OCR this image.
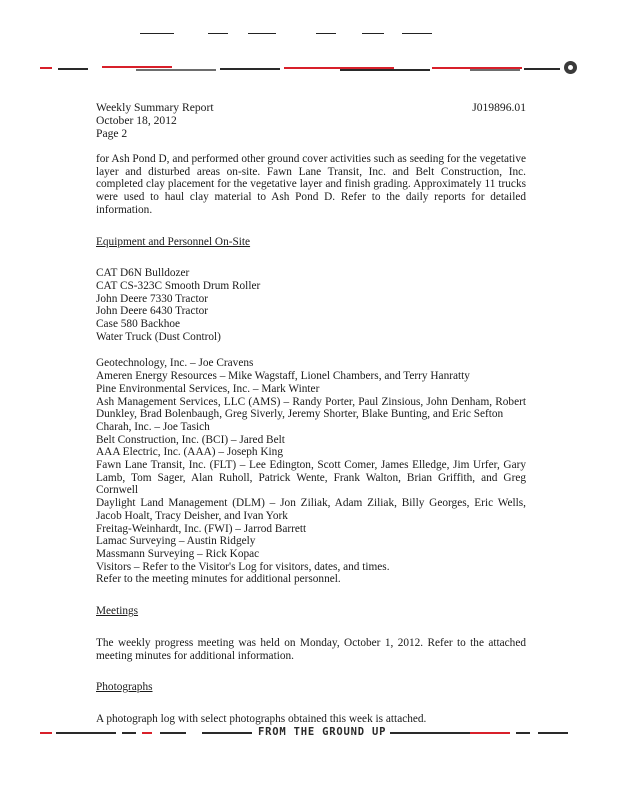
Weekly Summary Report
October 18, 2012
Page 2
J019896.01

for Ash Pond D, and performed other ground cover activities such as seeding for the vegetative layer and disturbed areas on-site. Fawn Lane Transit, Inc. and Belt Construction, Inc. completed clay placement for the vegetative layer and finish grading. Approximately 11 trucks were used to haul clay material to Ash Pond D. Refer to the daily reports for detailed information.

Equipment and Personnel On-Site

CAT D6N Bulldozer
CAT CS-323C Smooth Drum Roller
John Deere 7330 Tractor
John Deere 6430 Tractor
Case 580 Backhoe
Water Truck (Dust Control)
Geotechnology, Inc. – Joe Cravens
Ameren Energy Resources – Mike Wagstaff, Lionel Chambers, and Terry Hanratty
Pine Environmental Services, Inc. – Mark Winter
Ash Management Services, LLC (AMS) – Randy Porter, Paul Zinsious, John Denham, Robert Dunkley, Brad Bolenbaugh, Greg Siverly, Jeremy Shorter, Blake Bunting, and Eric Sefton
Charah, Inc. – Joe Tasich
Belt Construction, Inc. (BCI) – Jared Belt
AAA Electric, Inc. (AAA) – Joseph King
Fawn Lane Transit, Inc. (FLT) – Lee Edington, Scott Comer, James Elledge, Jim Urfer, Gary Lamb, Tom Sager, Alan Ruholl, Patrick Wente, Frank Walton, Brian Griffith, and Greg Cornwell
Daylight Land Management (DLM) – Jon Ziliak, Adam Ziliak, Billy Georges, Eric Wells, Jacob Hoalt, Tracy Deisher, and Ivan York
Freitag-Weinhardt, Inc. (FWI) – Jarrod Barrett
Lamac Surveying – Austin Ridgely
Massmann Surveying – Rick Kopac
Visitors – Refer to the Visitor's Log for visitors, dates, and times.
Refer to the meeting minutes for additional personnel.

Meetings

The weekly progress meeting was held on Monday, October 1, 2012. Refer to the attached meeting minutes for additional information.

Photographs

A photograph log with select photographs obtained this week is attached.

FROM THE GROUND UP
